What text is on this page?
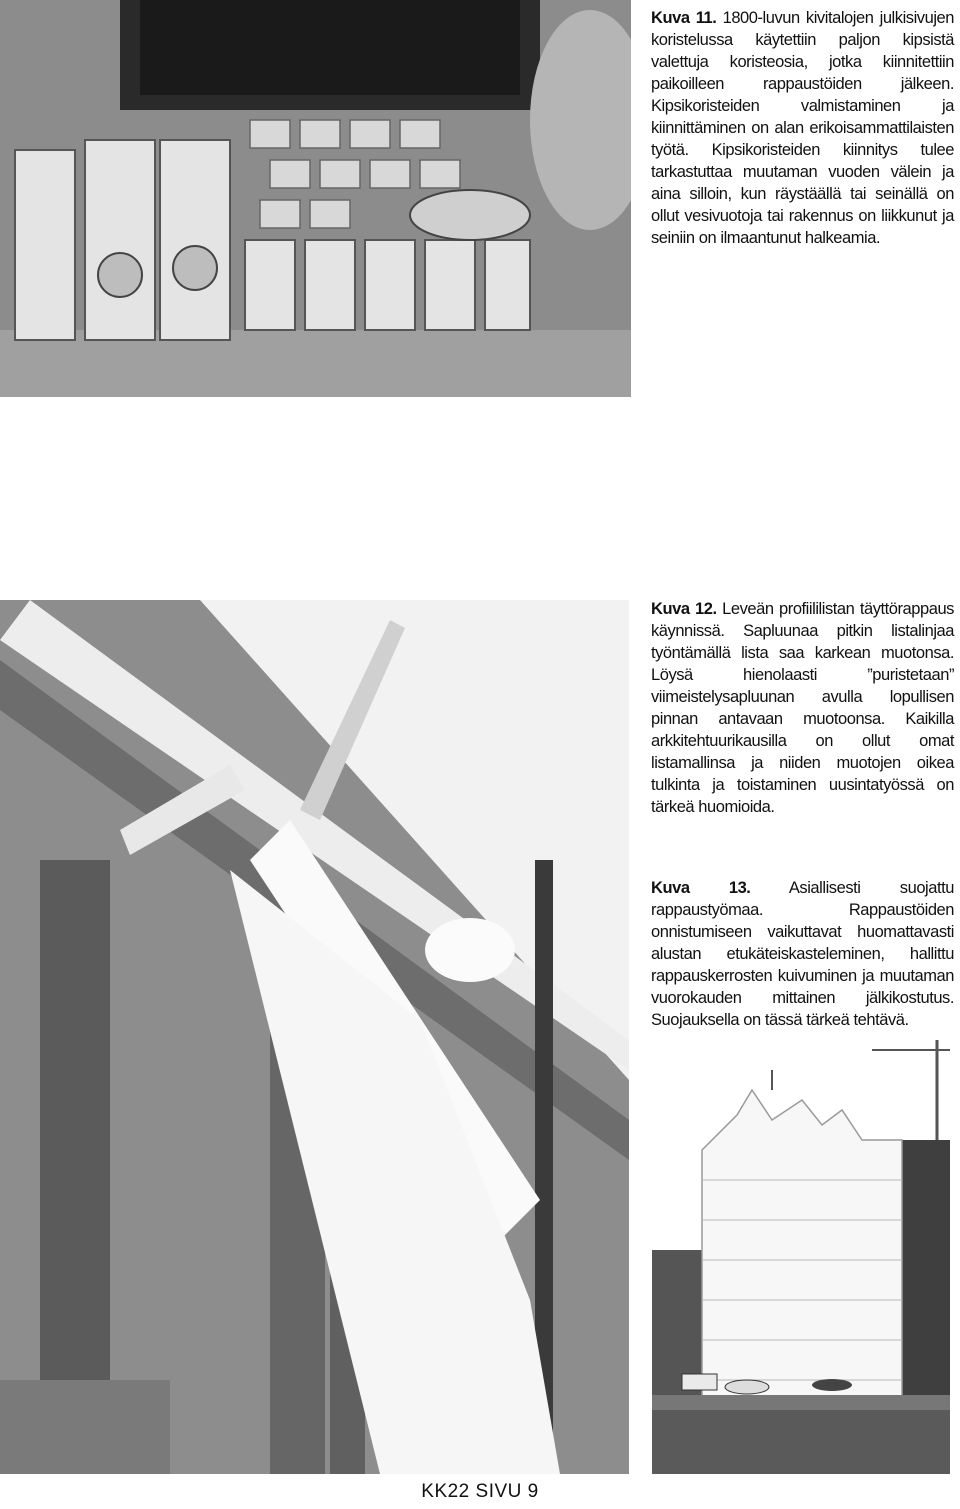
Kuva 11. 1800-luvun kivitalojen julkisivujen koristelussa käytettiin paljon kipsistä valettuja koristeosia, jotka kiinnitettiin paikoilleen rappaustöiden jälkeen. Kipsikoristeiden valmistaminen ja kiinnittäminen on alan erikoisammattilaisten työtä. Kipsikoristeiden kiinnitys tulee tarkastuttaa muutaman vuoden välein ja aina silloin, kun räystäällä tai seinällä on ollut vesivuotoja tai rakennus on liikkunut ja seiniin on ilmaantunut halkeamia.
Kuva 12. Leveän profiililistan täyttörappaus käynnissä. Sapluunaa pitkin listalinjaa työntämällä lista saa karkean muotonsa. Löysä hienolaasti ”puristetaan” viimeistelysapluunan avulla lopullisen pinnan antavaan muotoonsa. Kaikilla arkkitehtuurikausilla on ollut omat listamallinsa ja niiden muotojen oikea tulkinta ja toistaminen uusintatyössä on tärkeä huomioida.
Kuva 13. Asiallisesti suojattu rappaustyömaa. Rappaustöiden onnistumiseen vaikuttavat huomattavasti alustan etukäteiskasteleminen, hallittu rappauskerrosten kuivuminen ja muutaman vuorokauden mittainen jälkikostutus. Suojauksella on tässä tärkeä tehtävä.
KK22 SIVU 9
